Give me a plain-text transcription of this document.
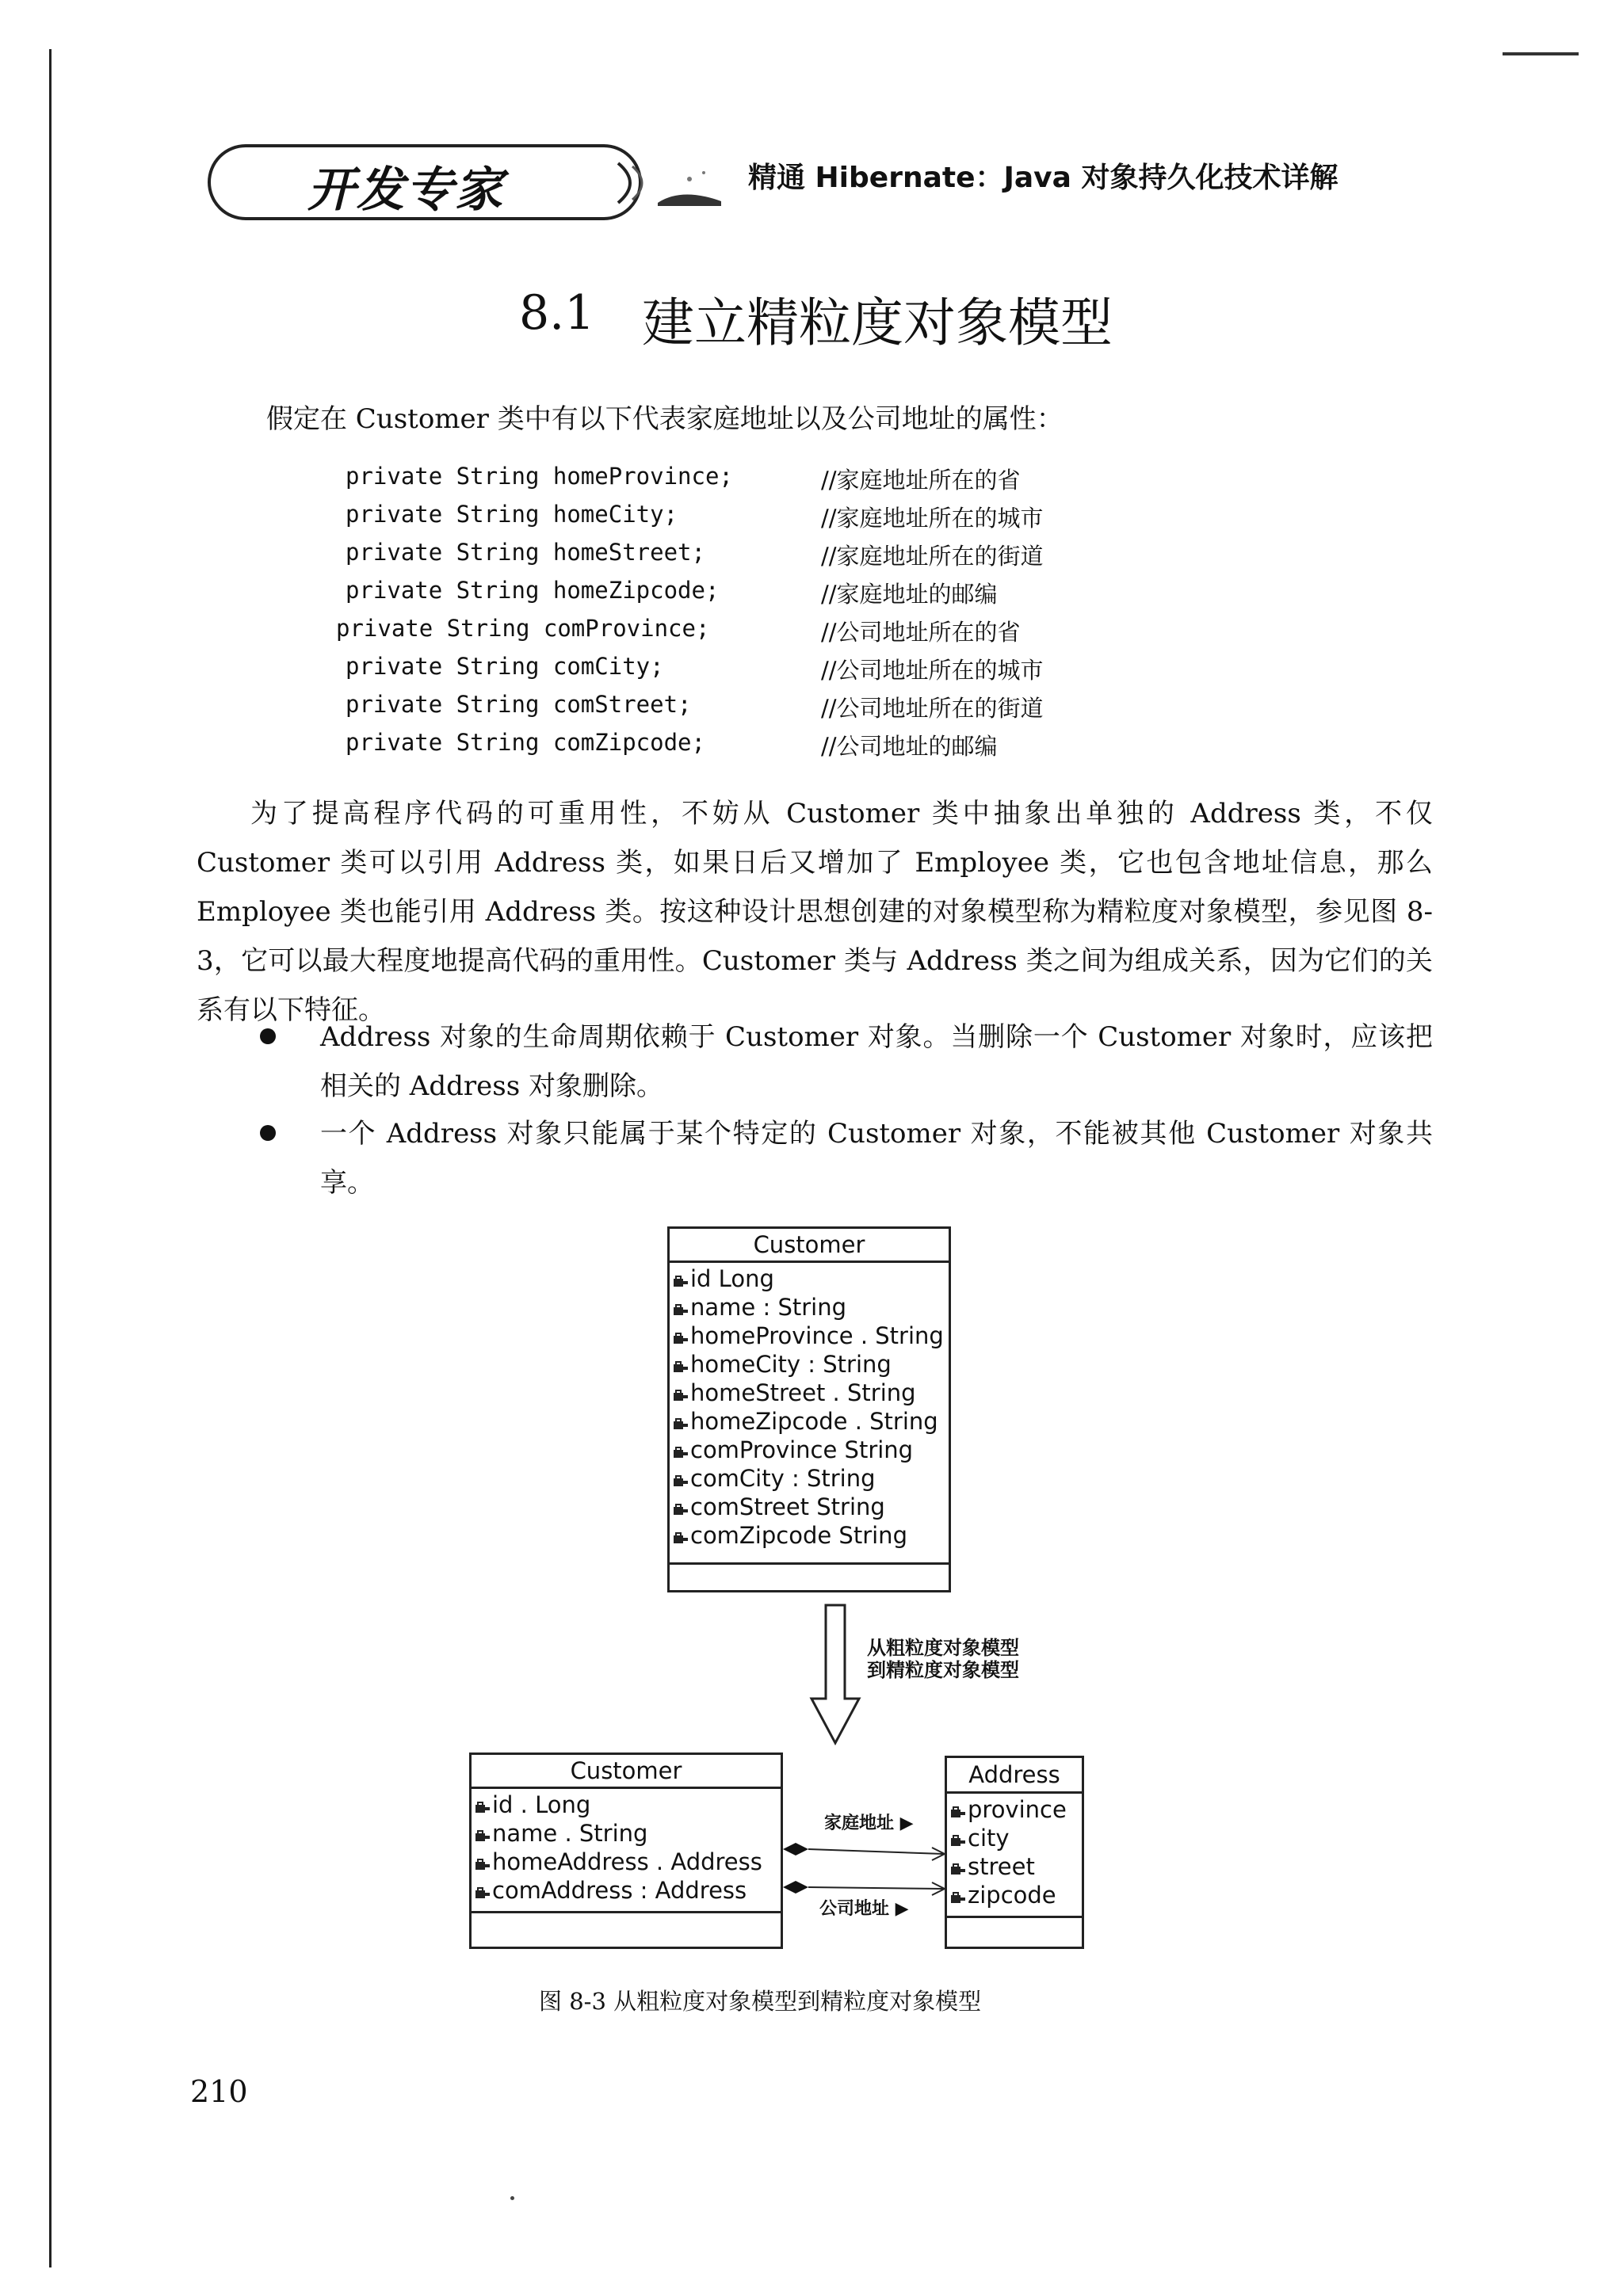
开发专家	精通 Hibernate：Java 对象持久化技术详解
8.1 建立精粒度对象模型
假定在 Customer 类中有以下代表家庭地址以及公司地址的属性：
private String homeProvince;	//家庭地址所在的省
private String homeCity;	//家庭地址所在的城市
private String homeStreet;	//家庭地址所在的街道
private String homeZipcode;	//家庭地址的邮编
private String comProvince;	//公司地址所在的省
private String comCity;	//公司地址所在的城市
private String comStreet;	//公司地址所在的街道
private String comZipcode;	//公司地址的邮编
为了提高程序代码的可重用性，不妨从 Customer 类中抽象出单独的 Address 类，不仅 Customer 类可以引用 Address 类，如果日后又增加了 Employee 类，它也包含地址信息，那么 Employee 类也能引用 Address 类。按这种设计思想创建的对象模型称为精粒度对象模型，参见图 8-3，它可以最大程度地提高代码的重用性。Customer 类与 Address 类之间为组成关系，因为它们的关系有以下特征。
Address 对象的生命周期依赖于 Customer 对象。当删除一个 Customer 对象时，应该把相关的 Address 对象删除。
一个 Address 对象只能属于某个特定的 Customer 对象，不能被其他 Customer 对象共享。
Customer
id Long
name : String
homeProvince . String
homeCity : String
homeStreet . String
homeZipcode . String
comProvince String
comCity : String
comStreet String
comZipcode String
从粗粒度对象模型
到精粒度对象模型
Customer
id . Long
name . String
homeAddress . Address
comAddress : Address
Address
province
city
street
zipcode
家庭地址 ▶
公司地址 ▶
图 8-3 从粗粒度对象模型到精粒度对象模型
210
